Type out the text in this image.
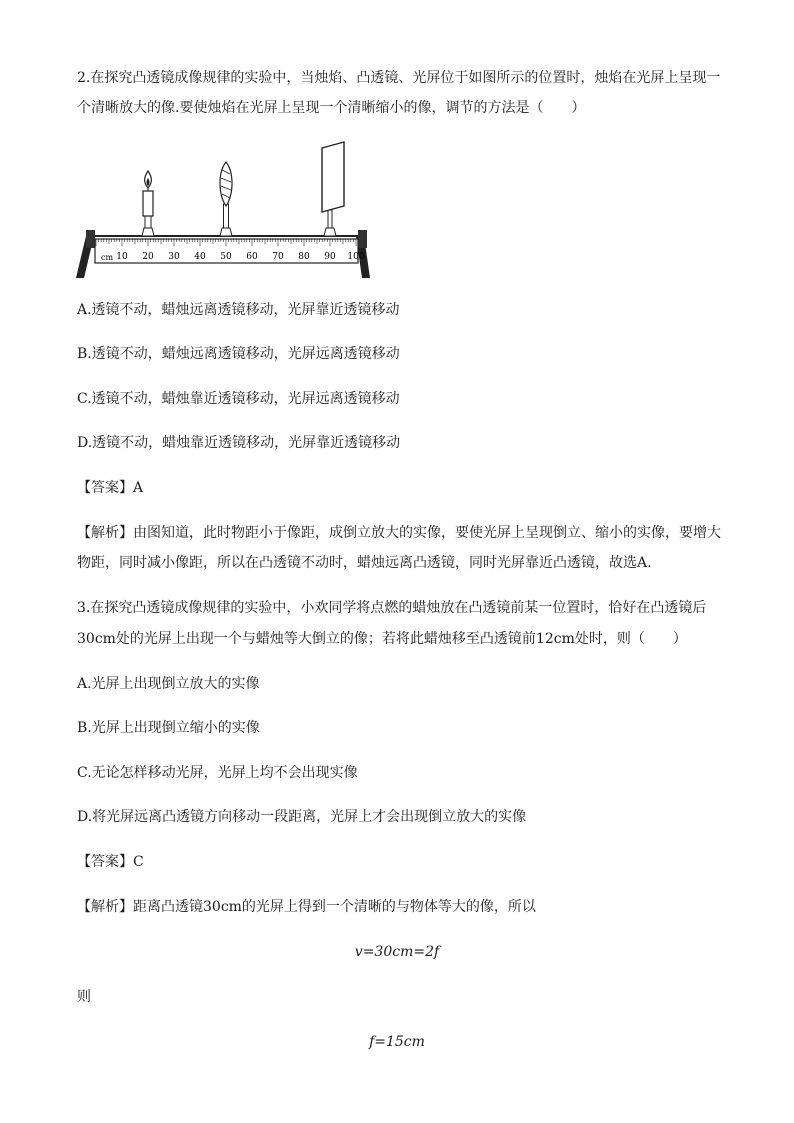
2.在探究凸透镜成像规律的实验中，当烛焰、凸透镜、光屏位于如图所示的位置时，烛焰在光屏上呈现一
个清晰放大的像.要使烛焰在光屏上呈现一个清晰缩小的像，调节的方法是（　　）
10 20 30 40 50 60 70 80 90 100
cm
A.透镜不动，蜡烛远离透镜移动，光屏靠近透镜移动
B.透镜不动，蜡烛远离透镜移动，光屏远离透镜移动
C.透镜不动，蜡烛靠近透镜移动，光屏远离透镜移动
D.透镜不动，蜡烛靠近透镜移动，光屏靠近透镜移动
【答案】A
【解析】由图知道，此时物距小于像距，成倒立放大的实像，要使光屏上呈现倒立、缩小的实像，要增大
物距，同时减小像距，所以在凸透镜不动时，蜡烛远离凸透镜，同时光屏靠近凸透镜，故选A.
3.在探究凸透镜成像规律的实验中，小欢同学将点燃的蜡烛放在凸透镜前某一位置时，恰好在凸透镜后
30cm处的光屏上出现一个与蜡烛等大倒立的像；若将此蜡烛移至凸透镜前12cm处时，则（　　）
A.光屏上出现倒立放大的实像
B.光屏上出现倒立缩小的实像
C.无论怎样移动光屏，光屏上均不会出现实像
D.将光屏远离凸透镜方向移动一段距离，光屏上才会出现倒立放大的实像
【答案】C
【解析】距离凸透镜30cm的光屏上得到一个清晰的与物体等大的像，所以
v=30cm=2f
则
f=15cm
